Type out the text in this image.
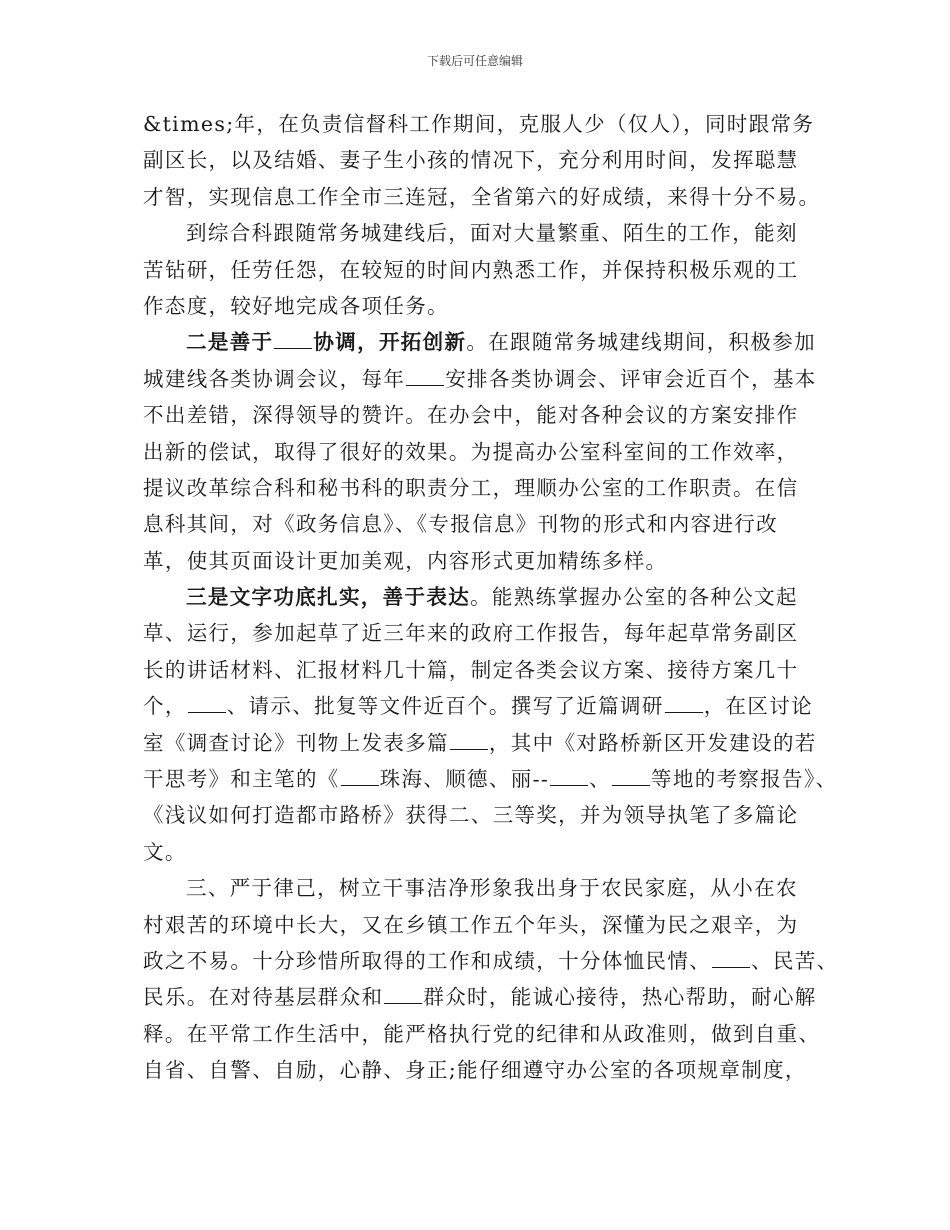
下载后可任意编辑
&times;年，在负责信督科工作期间，克服人少（仅人），同时跟常务
副区长，以及结婚、妻子生小孩的情况下，充分利用时间，发挥聪慧
才智，实现信息工作全市三连冠，全省第六的好成绩，来得十分不易。
到综合科跟随常务城建线后，面对大量繁重、陌生的工作，能刻
苦钻研，任劳任怨，在较短的时间内熟悉工作，并保持积极乐观的工
作态度，较好地完成各项任务。
二是善于 协调，开拓创新。在跟随常务城建线期间，积极参加
城建线各类协调会议，每年 安排各类协调会、评审会近百个，基本
不出差错，深得领导的赞许。在办会中，能对各种会议的方案安排作
出新的偿试，取得了很好的效果。为提高办公室科室间的工作效率，
提议改革综合科和秘书科的职责分工，理顺办公室的工作职责。在信
息科其间，对《政务信息》、《专报信息》刊物的形式和内容进行改
革，使其页面设计更加美观，内容形式更加精练多样。
三是文字功底扎实，善于表达。能熟练掌握办公室的各种公文起
草、运行，参加起草了近三年来的政府工作报告，每年起草常务副区
长的讲话材料、汇报材料几十篇，制定各类会议方案、接待方案几十
个， 、请示、批复等文件近百个。撰写了近篇调研 ，在区讨论
室《调查讨论》刊物上发表多篇 ，其中《对路桥新区开发建设的若
干思考》和主笔的《 珠海、顺德、丽-- 、 等地的考察报告》、
《浅议如何打造都市路桥》获得二、三等奖，并为领导执笔了多篇论
文。
三、严于律己，树立干事洁净形象我出身于农民家庭，从小在农
村艰苦的环境中长大，又在乡镇工作五个年头，深懂为民之艰辛，为
政之不易。十分珍惜所取得的工作和成绩，十分体恤民情、 、民苦、
民乐。在对待基层群众和 群众时，能诚心接待，热心帮助，耐心解
释。在平常工作生活中，能严格执行党的纪律和从政准则，做到自重、
自省、自警、自励，心静、身正;能仔细遵守办公室的各项规章制度，
